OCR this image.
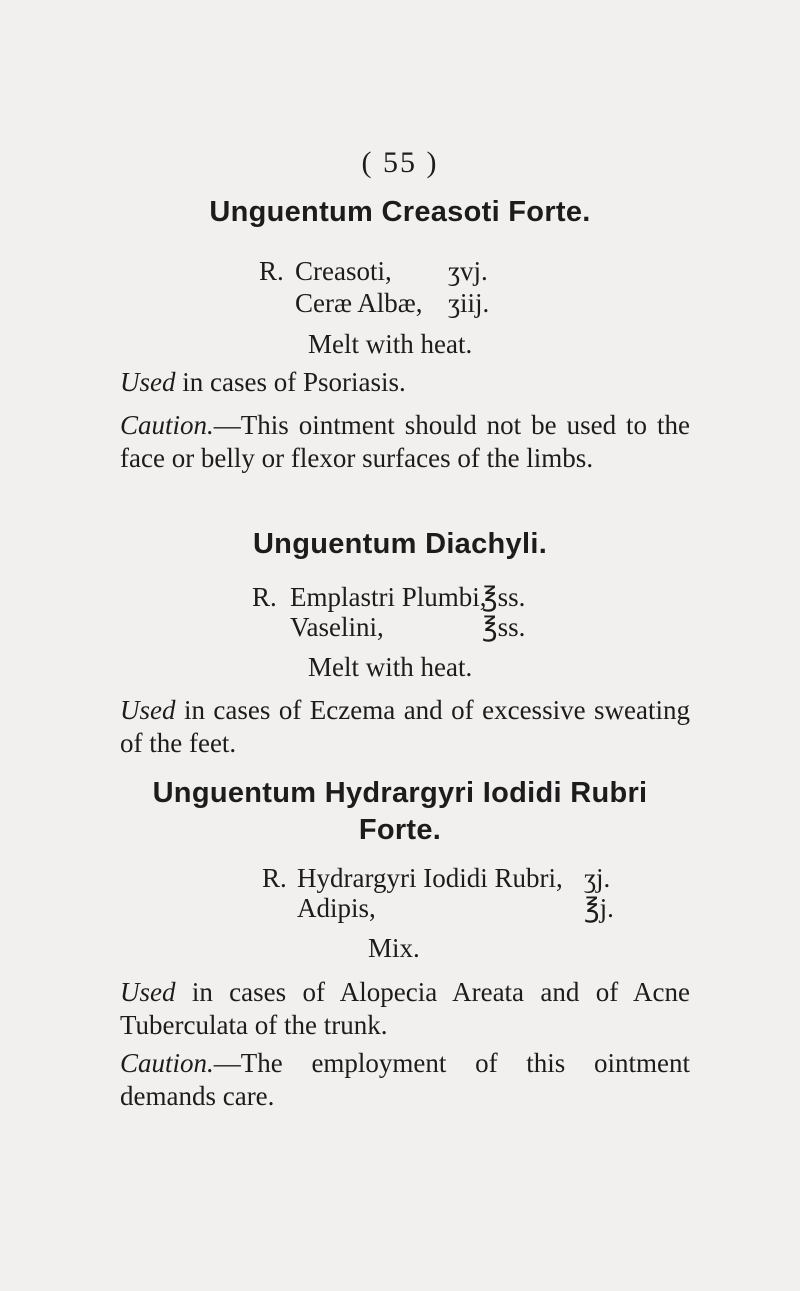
( 55 )
Unguentum Creasoti Forte.
R. Creasoti, ʒvj.
Ceræ Albæ, ʒiij.
Melt with heat.
Used in cases of Psoriasis.
Caution.—This ointment should not be used to the face or belly or flexor surfaces of the limbs.
Unguentum Diachyli.
R. Emplastri Plumbi,
℥ss.
Vaselini,	℥ss.
Melt with heat.
Used in cases of Eczema and of excessive sweating of the feet.
Unguentum Hydrargyri Iodidi Rubri
Forte.
R. Hydrargyri Iodidi Rubri, ʒj.
Adipis,	℥j.
Mix.
Used in cases of Alopecia Areata and of Acne Tuberculata of the trunk.
Caution.—The employment of this ointment demands care.
